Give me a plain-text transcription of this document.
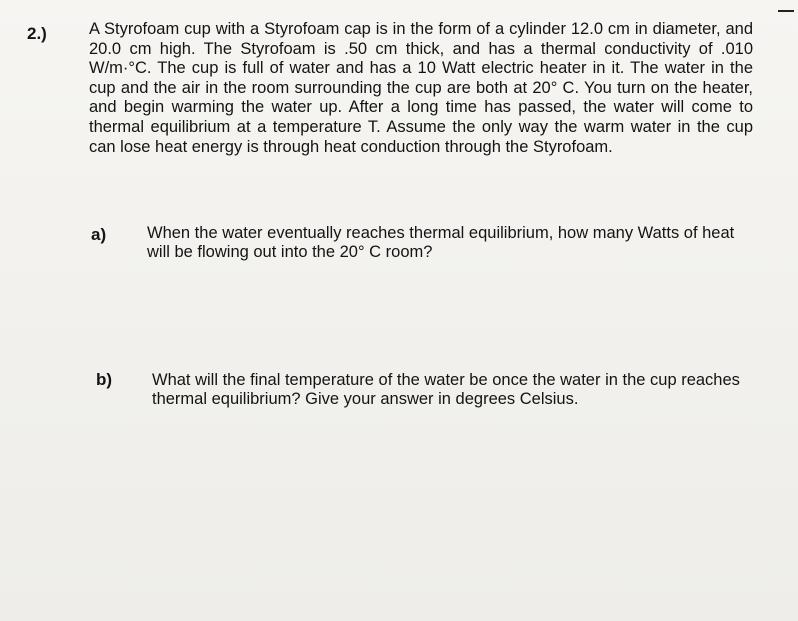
2.)	A Styrofoam cup with a Styrofoam cap is in the form of a cylinder 12.0 cm in diameter, and 20.0 cm high. The Styrofoam is .50 cm thick, and has a thermal conductivity of .010 W/m·°C. The cup is full of water and has a 10 Watt electric heater in it. The water in the cup and the air in the room surrounding the cup are both at 20° C. You turn on the heater, and begin warming the water up. After a long time has passed, the water will come to thermal equilibrium at a temperature T. Assume the only way the warm water in the cup can lose heat energy is through heat conduction through the Styrofoam.
a) When the water eventually reaches thermal equilibrium, how many Watts of heat will be flowing out into the 20° C room?
b) What will the final temperature of the water be once the water in the cup reaches thermal equilibrium? Give your answer in degrees Celsius.
